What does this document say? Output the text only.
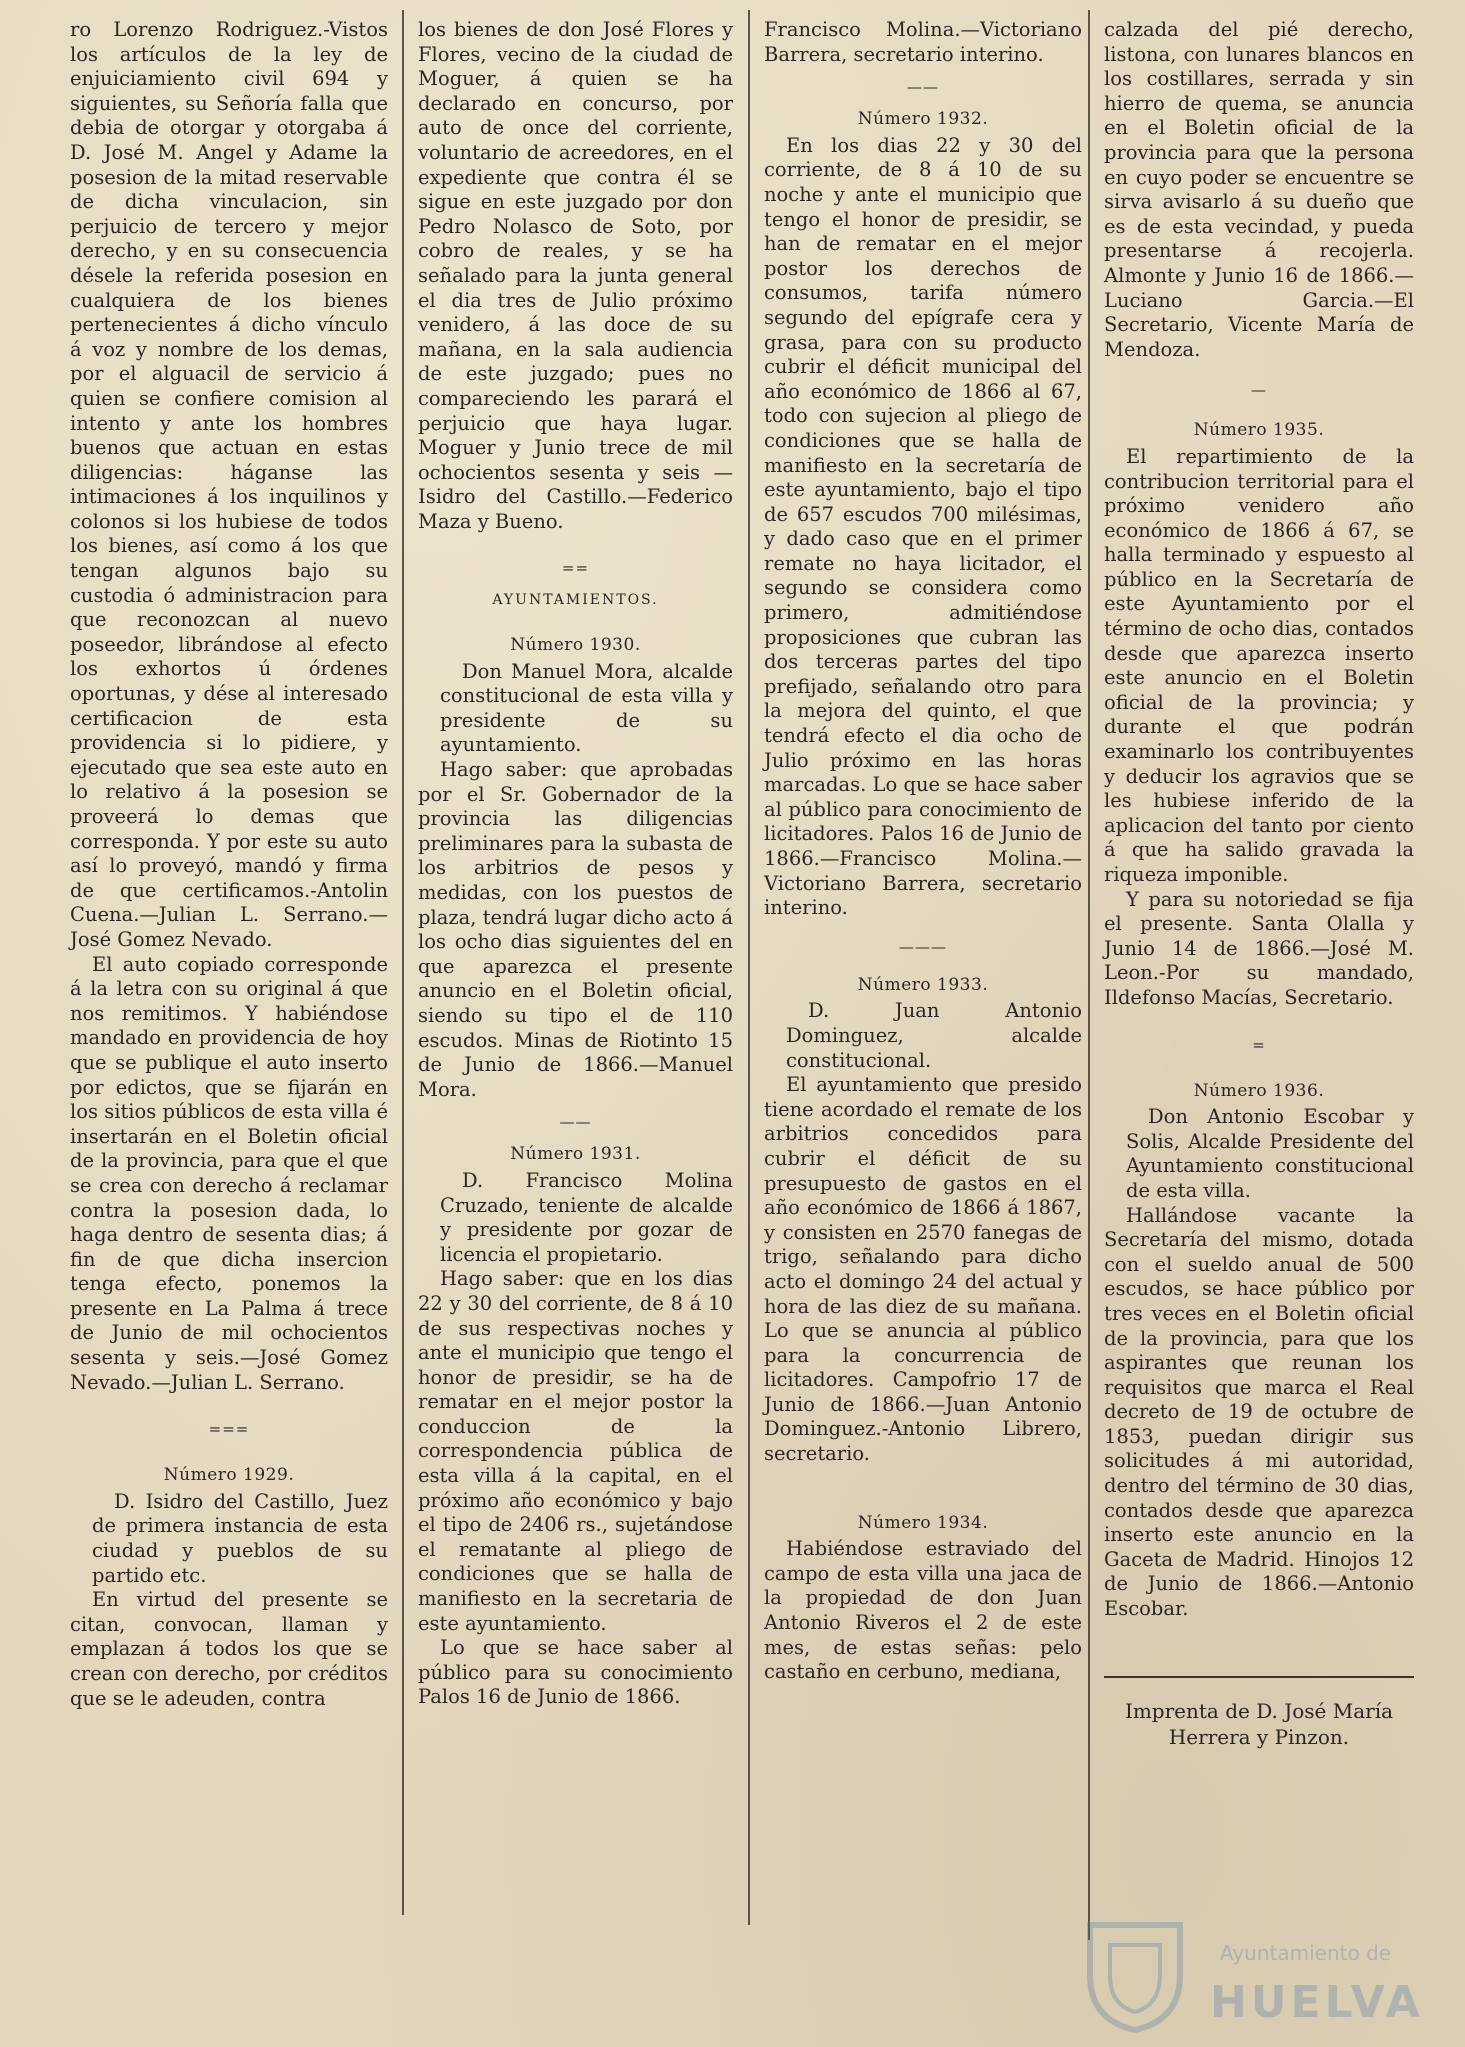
ro Lorenzo Rodriguez.-Vistos los artículos de la ley de enjuiciamiento civil 694 y siguientes, su Señoría falla que debia de otorgar y otorgaba á D. José M. Angel y Adame la posesion de la mitad reservable de dicha vinculacion, sin perjuicio de tercero y mejor derecho, y en su consecuencia désele la referida posesion en cualquiera de los bienes pertenecientes á dicho vínculo á voz y nombre de los demas, por el alguacil de servicio á quien se confiere comision al intento y ante los hombres buenos que actuan en estas diligencias: háganse las intimaciones á los inquilinos y colonos si los hubiese de todos los bienes, así como á los que tengan algunos bajo su custodia ó administracion para que reconozcan al nuevo poseedor, librándose al efecto los exhortos ú órdenes oportunas, y dése al interesado certificacion de esta providencia si lo pidiere, y ejecutado que sea este auto en lo relativo á la posesion se proveerá lo demas que corresponda. Y por este su auto así lo proveyó, mandó y firma de que certificamos.-Antolin Cuena.—Julian L. Serrano.—José Gomez Nevado.

El auto copiado corresponde á la letra con su original á que nos remitimos. Y habiéndose mandado en providencia de hoy que se publique el auto inserto por edictos, que se fijarán en los sitios públicos de esta villa é insertarán en el Boletin oficial de la provincia, para que el que se crea con derecho á reclamar contra la posesion dada, lo haga dentro de sesenta dias; á fin de que dicha insercion tenga efecto, ponemos la presente en La Palma á trece de Junio de mil ochocientos sesenta y seis.—José Gomez Nevado.—Julian L. Serrano.

===
Número 1929.

D. Isidro del Castillo, Juez de primera instancia de esta ciudad y pueblos de su partido etc.

En virtud del presente se citan, convocan, llaman y emplazan á todos los que se crean con derecho, por créditos que se le adeuden, contra

los bienes de don José Flores y Flores, vecino de la ciudad de Moguer, á quien se ha declarado en concurso, por auto de once del corriente, voluntario de acreedores, en el expediente que contra él se sigue en este juzgado por don Pedro Nolasco de Soto, por cobro de reales, y se ha señalado para la junta general el dia tres de Julio próximo venidero, á las doce de su mañana, en la sala audiencia de este juzgado; pues no compareciendo les parará el perjuicio que haya lugar. Moguer y Junio trece de mil ochocientos sesenta y seis — Isidro del Castillo.—Federico Maza y Bueno.

==
AYUNTAMIENTOS.
Número 1930.

Don Manuel Mora, alcalde constitucional de esta villa y presidente de su ayuntamiento.

Hago saber: que aprobadas por el Sr. Gobernador de la provincia las diligencias preliminares para la subasta de los arbitrios de pesos y medidas, con los puestos de plaza, tendrá lugar dicho acto á los ocho dias siguientes del en que aparezca el presente anuncio en el Boletin oficial, siendo su tipo el de 110 escudos. Minas de Riotinto 15 de Junio de 1866.—Manuel Mora.

——
Número 1931.

D. Francisco Molina Cruzado, teniente de alcalde y presidente por gozar de licencia el propietario.

Hago saber: que en los dias 22 y 30 del corriente, de 8 á 10 de sus respectivas noches y ante el municipio que tengo el honor de presidir, se ha de rematar en el mejor postor la conduccion de la correspondencia pública de esta villa á la capital, en el próximo año económico y bajo el tipo de 2406 rs., sujetándose el rematante al pliego de condiciones que se halla de manifiesto en la secretaria de este ayuntamiento.

Lo que se hace saber al público para su conocimiento Palos 16 de Junio de 1866.

Francisco Molina.—Victoriano Barrera, secretario interino.

——
Número 1932.

En los dias 22 y 30 del corriente, de 8 á 10 de su noche y ante el municipio que tengo el honor de presidir, se han de rematar en el mejor postor los derechos de consumos, tarifa número segundo del epígrafe cera y grasa, para con su producto cubrir el déficit municipal del año económico de 1866 al 67, todo con sujecion al pliego de condiciones que se halla de manifiesto en la secretaría de este ayuntamiento, bajo el tipo de 657 escudos 700 milésimas, y dado caso que en el primer remate no haya licitador, el segundo se considera como primero, admitiéndose proposiciones que cubran las dos terceras partes del tipo prefijado, señalando otro para la mejora del quinto, el que tendrá efecto el dia ocho de Julio próximo en las horas marcadas. Lo que se hace saber al público para conocimiento de licitadores. Palos 16 de Junio de 1866.—Francisco Molina.—Victoriano Barrera, secretario interino.

———
Número 1933.

D. Juan Antonio Dominguez, alcalde constitucional.

El ayuntamiento que presido tiene acordado el remate de los arbitrios concedidos para cubrir el déficit de su presupuesto de gastos en el año económico de 1866 á 1867, y consisten en 2570 fanegas de trigo, señalando para dicho acto el domingo 24 del actual y hora de las diez de su mañana. Lo que se anuncia al público para la concurrencia de licitadores. Campofrio 17 de Junio de 1866.—Juan Antonio Dominguez.-Antonio Librero, secretario.

Número 1934.

Habiéndose estraviado del campo de esta villa una jaca de la propiedad de don Juan Antonio Riveros el 2 de este mes, de estas señas: pelo castaño en cerbuno, mediana,

calzada del pié derecho, listona, con lunares blancos en los costillares, serrada y sin hierro de quema, se anuncia en el Boletin oficial de la provincia para que la persona en cuyo poder se encuentre se sirva avisarlo á su dueño que es de esta vecindad, y pueda presentarse á recojerla. Almonte y Junio 16 de 1866.—Luciano Garcia.—El Secretario, Vicente María de Mendoza.

—
Número 1935.

El repartimiento de la contribucion territorial para el próximo venidero año económico de 1866 á 67, se halla terminado y espuesto al público en la Secretaría de este Ayuntamiento por el término de ocho dias, contados desde que aparezca inserto este anuncio en el Boletin oficial de la provincia; y durante el que podrán examinarlo los contribuyentes y deducir los agravios que se les hubiese inferido de la aplicacion del tanto por ciento á que ha salido gravada la riqueza imponible.

Y para su notoriedad se fija el presente. Santa Olalla y Junio 14 de 1866.—José M. Leon.-Por su mandado, Ildefonso Macías, Secretario.

=
Número 1936.

Don Antonio Escobar y Solis, Alcalde Presidente del Ayuntamiento constitucional de esta villa.

Hallándose vacante la Secretaría del mismo, dotada con el sueldo anual de 500 escudos, se hace público por tres veces en el Boletin oficial de la provincia, para que los aspirantes que reunan los requisitos que marca el Real decreto de 19 de octubre de 1853, puedan dirigir sus solicitudes á mi autoridad, dentro del término de 30 dias, contados desde que aparezca inserto este anuncio en la Gaceta de Madrid. Hinojos 12 de Junio de 1866.—Antonio Escobar.

Imprenta de D. José María Herrera y Pinzon.
Ayuntamiento de
HUELVA
